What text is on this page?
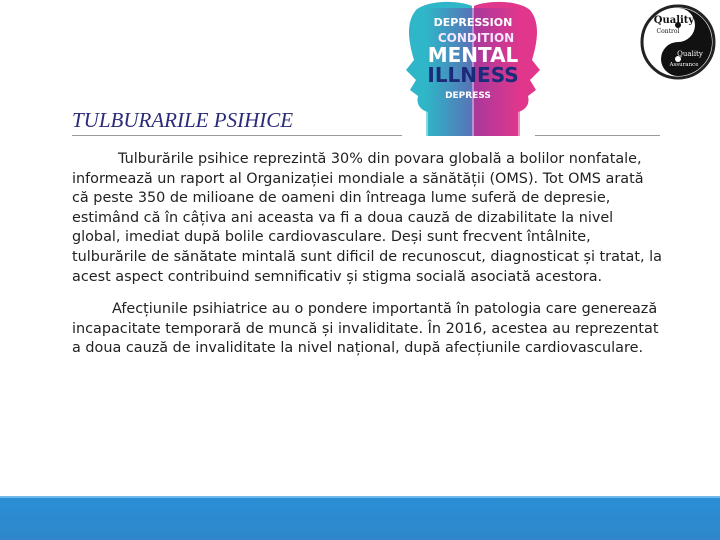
TULBURARILE PSIHICE
DEPRESSION
CONDITION
MENTAL
ILLNESS
DEPRESS
Quality
Control
Quality
Assurance

Tulburările psihice reprezintă 30% din povara globală a bolilor nonfatale, informează un raport al Organizației mondiale a sănătății (OMS). Tot OMS arată că peste 350 de milioane de oameni din întreaga lume suferă de depresie, estimând că în câțiva ani aceasta va fi a doua cauză de dizabilitate la nivel global, imediat după bolile cardiovasculare. Deși sunt frecvent întâlnite, tulburările de sănătate mintală sunt dificil de recunoscut, diagnosticat și tratat, la acest aspect contribuind semnificativ și stigma socială asociată acestora.

Afecțiunile psihiatrice au o pondere importantă în patologia care generează incapacitate temporară de muncă și invaliditate. În 2016, acestea au reprezentat a doua cauză de invaliditate la nivel național, după afecțiunile cardiovasculare.
